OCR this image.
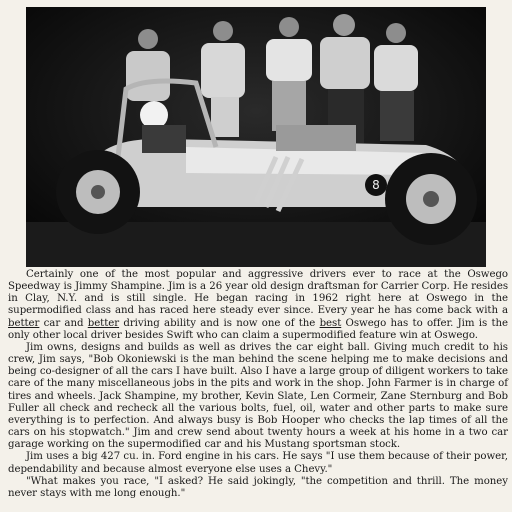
8

Certainly one of the most popular and aggressive drivers ever to race at the Oswego Speedway is Jimmy Shampine. Jim is a 26 year old design draftsman for Carrier Corp. He resides in Clay, N.Y. and is still single. He began racing in 1962 right here at Oswego in the supermodified class and has raced here steady ever since. Every year he has come back with a better car and better driving ability and is now one of the best Oswego has to offer. Jim is the only other local driver besides Swift who can claim a supermodified feature win at Oswego.

Jim owns, designs and builds as well as drives the car eight ball. Giving much credit to his crew, Jim says, "Bob Okoniewski is the man behind the scene helping me to make decisions and being co-designer of all the cars I have built. Also I have a large group of diligent workers to take care of the many miscellaneous jobs in the pits and work in the shop. John Farmer is in charge of tires and wheels. Jack Shampine, my brother, Kevin Slate, Len Cormeir, Zane Sternburg and Bob Fuller all check and recheck all the various bolts, fuel, oil, water and other parts to make sure everything is to perfection. And always busy is Bob Hooper who checks the lap times of all the cars on his stopwatch." Jim and crew send about twenty hours a week at his home in a two car garage working on the supermodified car and his Mustang sportsman stock.

Jim uses a big 427 cu. in. Ford engine in his cars. He says "I use them because of their power, dependability and because almost everyone else uses a Chevy."

"What makes you race, "I asked? He said jokingly, "the competition and thrill. The money never stays with me long enough."
